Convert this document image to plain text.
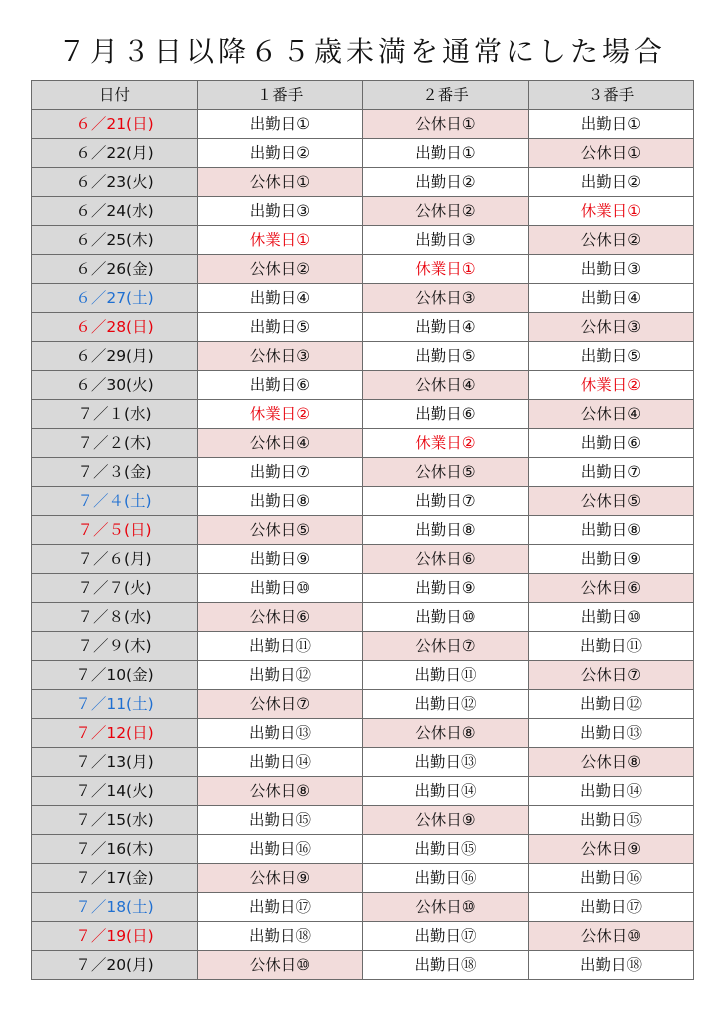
７月３日以降６５歳未満を通常にした場合
日付	１番手	２番手	３番手
６／21(日)	出勤日①	公休日①	出勤日①
６／22(月)	出勤日②	出勤日①	公休日①
６／23(火)	公休日①	出勤日②	出勤日②
６／24(水)	出勤日③	公休日②	休業日①
６／25(木)	休業日①	出勤日③	公休日②
６／26(金)	公休日②	休業日①	出勤日③
６／27(土)	出勤日④	公休日③	出勤日④
６／28(日)	出勤日⑤	出勤日④	公休日③
６／29(月)	公休日③	出勤日⑤	出勤日⑤
６／30(火)	出勤日⑥	公休日④	休業日②
７／１(水)	休業日②	出勤日⑥	公休日④
７／２(木)	公休日④	休業日②	出勤日⑥
７／３(金)	出勤日⑦	公休日⑤	出勤日⑦
７／４(土)	出勤日⑧	出勤日⑦	公休日⑤
７／５(日)	公休日⑤	出勤日⑧	出勤日⑧
７／６(月)	出勤日⑨	公休日⑥	出勤日⑨
７／７(火)	出勤日⑩	出勤日⑨	公休日⑥
７／８(水)	公休日⑥	出勤日⑩	出勤日⑩
７／９(木)	出勤日⑪	公休日⑦	出勤日⑪
７／10(金)	出勤日⑫	出勤日⑪	公休日⑦
７／11(土)	公休日⑦	出勤日⑫	出勤日⑫
７／12(日)	出勤日⑬	公休日⑧	出勤日⑬
７／13(月)	出勤日⑭	出勤日⑬	公休日⑧
７／14(火)	公休日⑧	出勤日⑭	出勤日⑭
７／15(水)	出勤日⑮	公休日⑨	出勤日⑮
７／16(木)	出勤日⑯	出勤日⑮	公休日⑨
７／17(金)	公休日⑨	出勤日⑯	出勤日⑯
７／18(土)	出勤日⑰	公休日⑩	出勤日⑰
７／19(日)	出勤日⑱	出勤日⑰	公休日⑩
７／20(月)	公休日⑩	出勤日⑱	出勤日⑱
